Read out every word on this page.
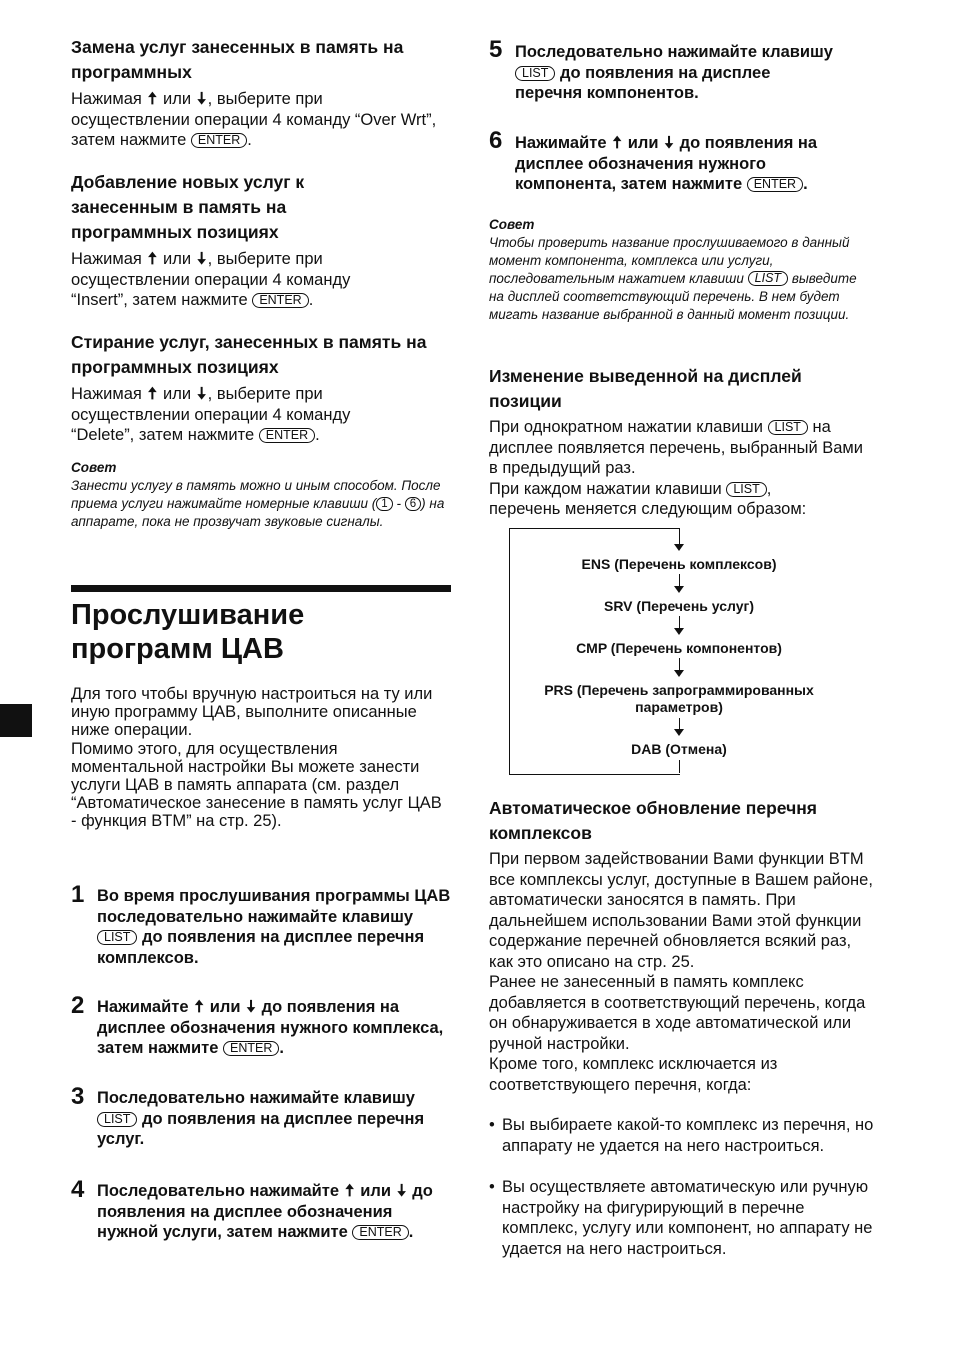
Замена услуг занесенных в память на программных

Нажимая 🠅 или 🠇, выберите при осуществлении операции 4 команду “Over Wrt”, затем нажмите ENTER .

Добавление новых услуг к занесенным в память на программных позициях

Нажимая 🠅 или 🠇, выберите при осуществлении операции 4 команду “Insert”, затем нажмите ENTER .

Стирание услуг, занесенных в память на программных позициях

Нажимая 🠅 или 🠇, выберите при осуществлении операции 4 команду “Delete”, затем нажмите ENTER .

Совет
Занести услугу в память можно и иным способом. После приема услуги нажимайте номерные клавиши ( 1 - 6 ) на аппарате, пока не прозвучат звуковые сигналы.

Для того чтобы вручную настроиться на ту или иную программу ЦАВ, выполните описанные ниже операции.
Помимо этого, для осуществления моментальной настройки Вы можете занести услуги ЦАВ в память аппарата (см. раздел “Автоматическое занесение в память услуг ЦАВ - функция BTM” на стр. 25).

1 Во время прослушивания программы ЦАВ последовательно нажимайте клавишу LIST до появления на дисплее перечня комплексов.
2 Нажимайте 🠅 или 🠇 до появления на дисплее обозначения нужного комплекса, затем нажмите ENTER .
3 Последовательно нажимайте клавишу LIST до появления на дисплее перечня услуг.
4 Последовательно нажимайте 🠅 или 🠇 до появления на дисплее обозначения нужной услуги, затем нажмите ENTER .
Прослушивание программ ЦАВ
5 Последовательно нажимайте клавишу LIST до появления на дисплее перечня компонентов.
6 Нажимайте 🠅 или 🠇 до появления на дисплее обозначения нужного компонента, затем нажмите ENTER .
Совет
Чтобы проверить название прослушиваемого в данный момент компонента, комплекса или услуги, последовательным нажатием клавиши LIST выведите на дисплей соответствующий перечень. В нем будет мигать название выбранной в данный момент позиции.
Изменение выведенной на дисплей позиции

При однократном нажатии клавиши LIST на дисплее появляется перечень, выбранный Вами в предыдущий раз.
При каждом нажатии клавиши LIST ,
перечень меняется следующим образом:

Автоматическое обновление перечня комплексов

При первом задействовании Вами функции BTM все комплексы услуг, доступные в Вашем районе, автоматически заносятся в память. При дальнейшем использовании Вами этой функции содержание перечней обновляется всякий раз, как это описано на стр. 25.
Ранее не занесенный в память комплекс добавляется в соответствующий перечень, когда он обнаруживается в ходе автоматической или ручной настройки.
Кроме того, комплекс исключается из соответствующего перечня, когда:

• Вы выбираете какой-то комплекс из перечня, но аппарату не удается на него настроиться.
• Вы осуществляете автоматическую или ручную настройку на фигурирующий в перечне комплекс, услугу или компонент, но аппарату не удается на него настроиться.
ENS (Перечень комплексов)
SRV (Перечень услуг)
CMP (Перечень компонентов)
PRS (Перечень запрограммированных
параметров)
DAB (Отмена)
